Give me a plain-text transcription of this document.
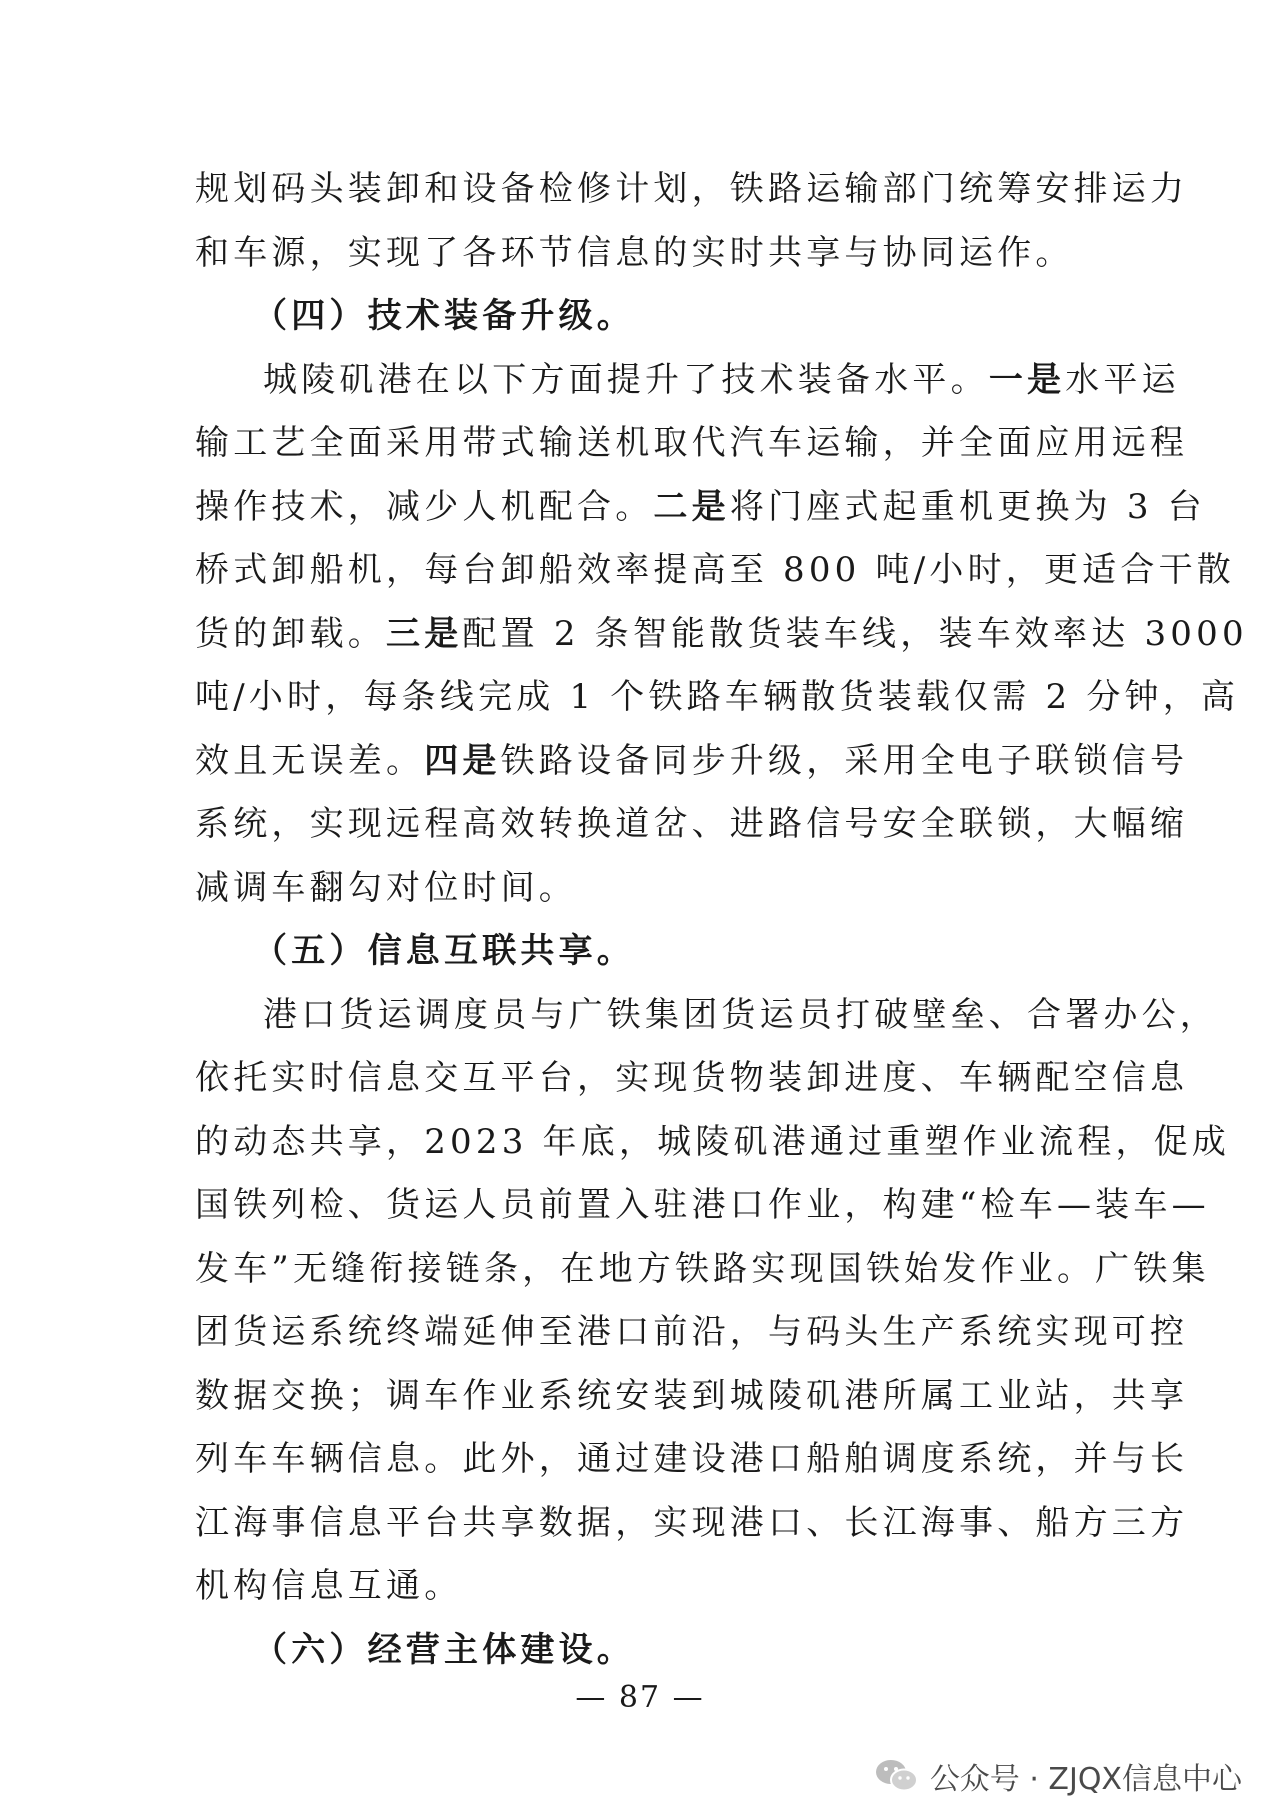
规划码头装卸和设备检修计划，铁路运输部门统筹安排运力
和车源，实现了各环节信息的实时共享与协同运作。
（四）技术装备升级。
城陵矶港在以下方面提升了技术装备水平。一是水平运
输工艺全面采用带式输送机取代汽车运输，并全面应用远程
操作技术，减少人机配合。二是将门座式起重机更换为 3 台
桥式卸船机，每台卸船效率提高至 800 吨/小时，更适合干散
货的卸载。三是配置 2 条智能散货装车线，装车效率达 3000
吨/小时，每条线完成 1 个铁路车辆散货装载仅需 2 分钟，高
效且无误差。四是铁路设备同步升级，采用全电子联锁信号
系统，实现远程高效转换道岔、进路信号安全联锁，大幅缩
减调车翻勾对位时间。
（五）信息互联共享。
港口货运调度员与广铁集团货运员打破壁垒、合署办公，
依托实时信息交互平台，实现货物装卸进度、车辆配空信息
的动态共享，2023 年底，城陵矶港通过重塑作业流程，促成
国铁列检、货运人员前置入驻港口作业，构建“检车—装车—
发车”无缝衔接链条，在地方铁路实现国铁始发作业。广铁集
团货运系统终端延伸至港口前沿，与码头生产系统实现可控
数据交换；调车作业系统安装到城陵矶港所属工业站，共享
列车车辆信息。此外，通过建设港口船舶调度系统，并与长
江海事信息平台共享数据，实现港口、长江海事、船方三方
机构信息互通。
（六）经营主体建设。
— 87 —
公众号 · ZJQX信息中心
